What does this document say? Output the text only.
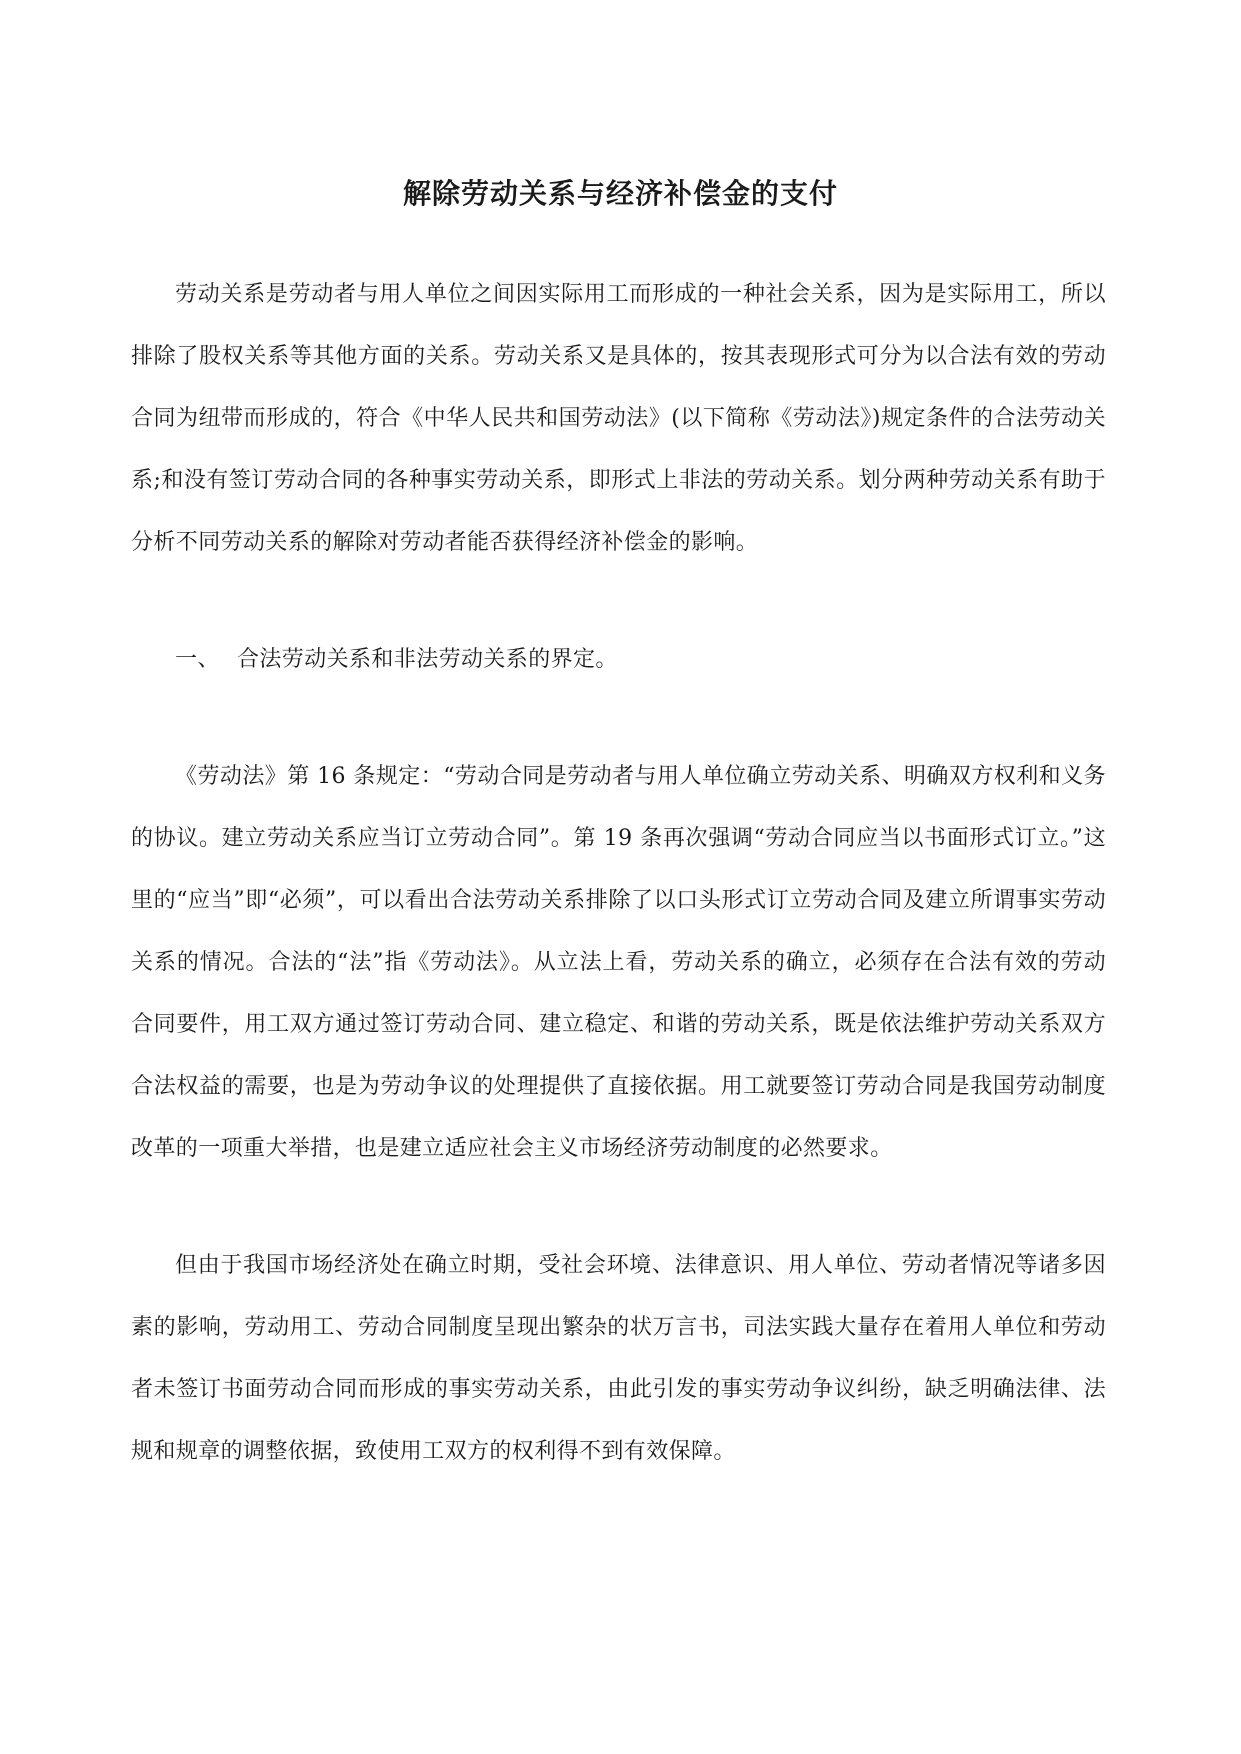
解除劳动关系与经济补偿金的支付

劳动关系是劳动者与用人单位之间因实际用工而形成的一种社会关系，因为是实际用工，所以排除了股权关系等其他方面的关系。劳动关系又是具体的，按其表现形式可分为以合法有效的劳动合同为纽带而形成的，符合《中华人民共和国劳动法》(以下简称《劳动法》)规定条件的合法劳动关系;和没有签订劳动合同的各种事实劳动关系，即形式上非法的劳动关系。划分两种劳动关系有助于分析不同劳动关系的解除对劳动者能否获得经济补偿金的影响。

一、 合法劳动关系和非法劳动关系的界定。

《劳动法》第 16 条规定：“劳动合同是劳动者与用人单位确立劳动关系、明确双方权利和义务的协议。建立劳动关系应当订立劳动合同”。第 19 条再次强调“劳动合同应当以书面形式订立。”这里的“应当”即“必须”，可以看出合法劳动关系排除了以口头形式订立劳动合同及建立所谓事实劳动关系的情况。合法的“法”指《劳动法》。从立法上看，劳动关系的确立，必须存在合法有效的劳动合同要件，用工双方通过签订劳动合同、建立稳定、和谐的劳动关系，既是依法维护劳动关系双方合法权益的需要，也是为劳动争议的处理提供了直接依据。用工就要签订劳动合同是我国劳动制度改革的一项重大举措，也是建立适应社会主义市场经济劳动制度的必然要求。

但由于我国市场经济处在确立时期，受社会环境、法律意识、用人单位、劳动者情况等诸多因素的影响，劳动用工、劳动合同制度呈现出繁杂的状万言书，司法实践大量存在着用人单位和劳动者未签订书面劳动合同而形成的事实劳动关系，由此引发的事实劳动争议纠纷，缺乏明确法律、法规和规章的调整依据，致使用工双方的权利得不到有效保障。
